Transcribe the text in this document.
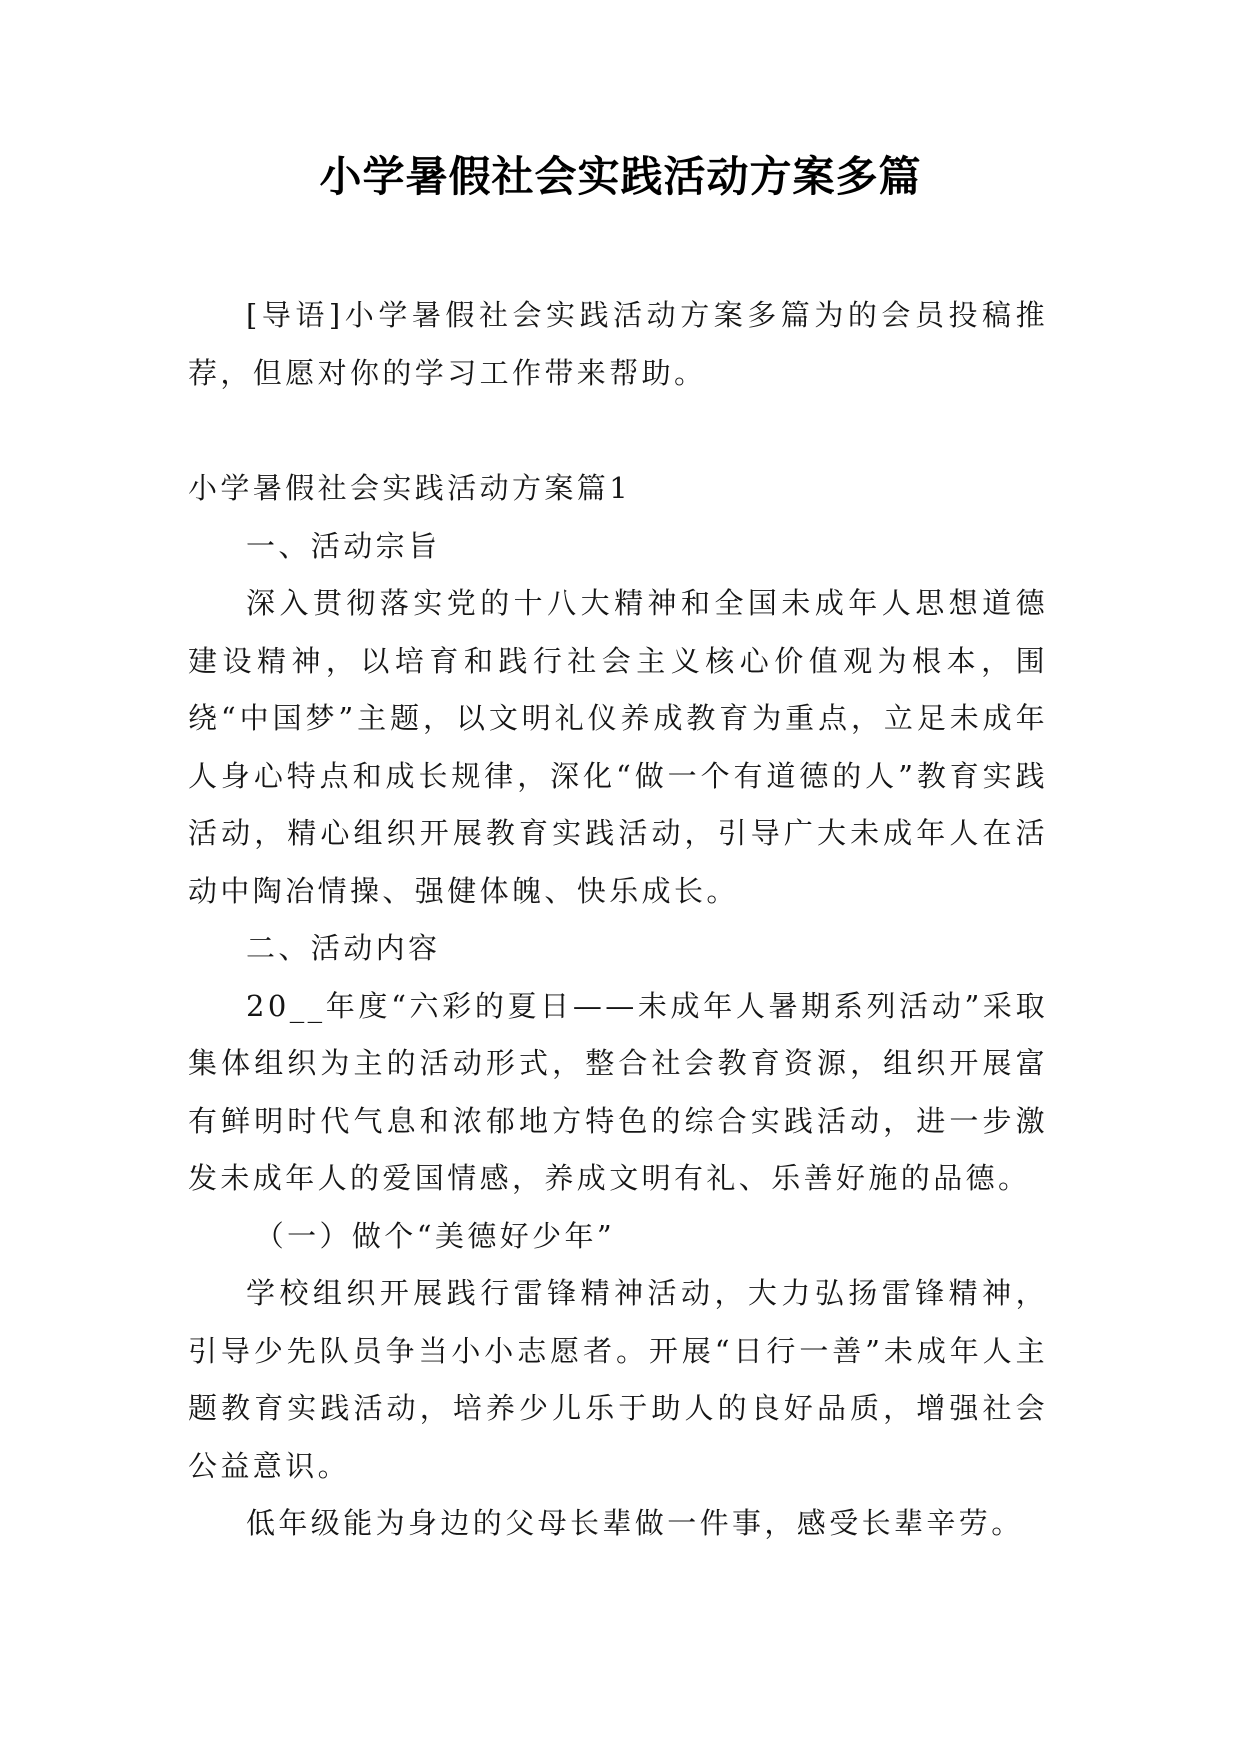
小学暑假社会实践活动方案多篇

[导语]小学暑假社会实践活动方案多篇为的会员投稿推荐，但愿对你的学习工作带来帮助。

小学暑假社会实践活动方案篇1

一、活动宗旨

深入贯彻落实党的十八大精神和全国未成年人思想道德建设精神，以培育和践行社会主义核心价值观为根本，围绕“中国梦”主题，以文明礼仪养成教育为重点，立足未成年人身心特点和成长规律，深化“做一个有道德的人”教育实践活动，精心组织开展教育实践活动，引导广大未成年人在活动中陶冶情操、强健体魄、快乐成长。

二、活动内容

20__年度“六彩的夏日——未成年人暑期系列活动”采取集体组织为主的活动形式，整合社会教育资源，组织开展富有鲜明时代气息和浓郁地方特色的综合实践活动，进一步激发未成年人的爱国情感，养成文明有礼、乐善好施的品德。

（一）做个“美德好少年”

学校组织开展践行雷锋精神活动，大力弘扬雷锋精神，引导少先队员争当小小志愿者。开展“日行一善”未成年人主题教育实践活动，培养少儿乐于助人的良好品质，增强社会公益意识。

低年级能为身边的父母长辈做一件事，感受长辈辛劳。
